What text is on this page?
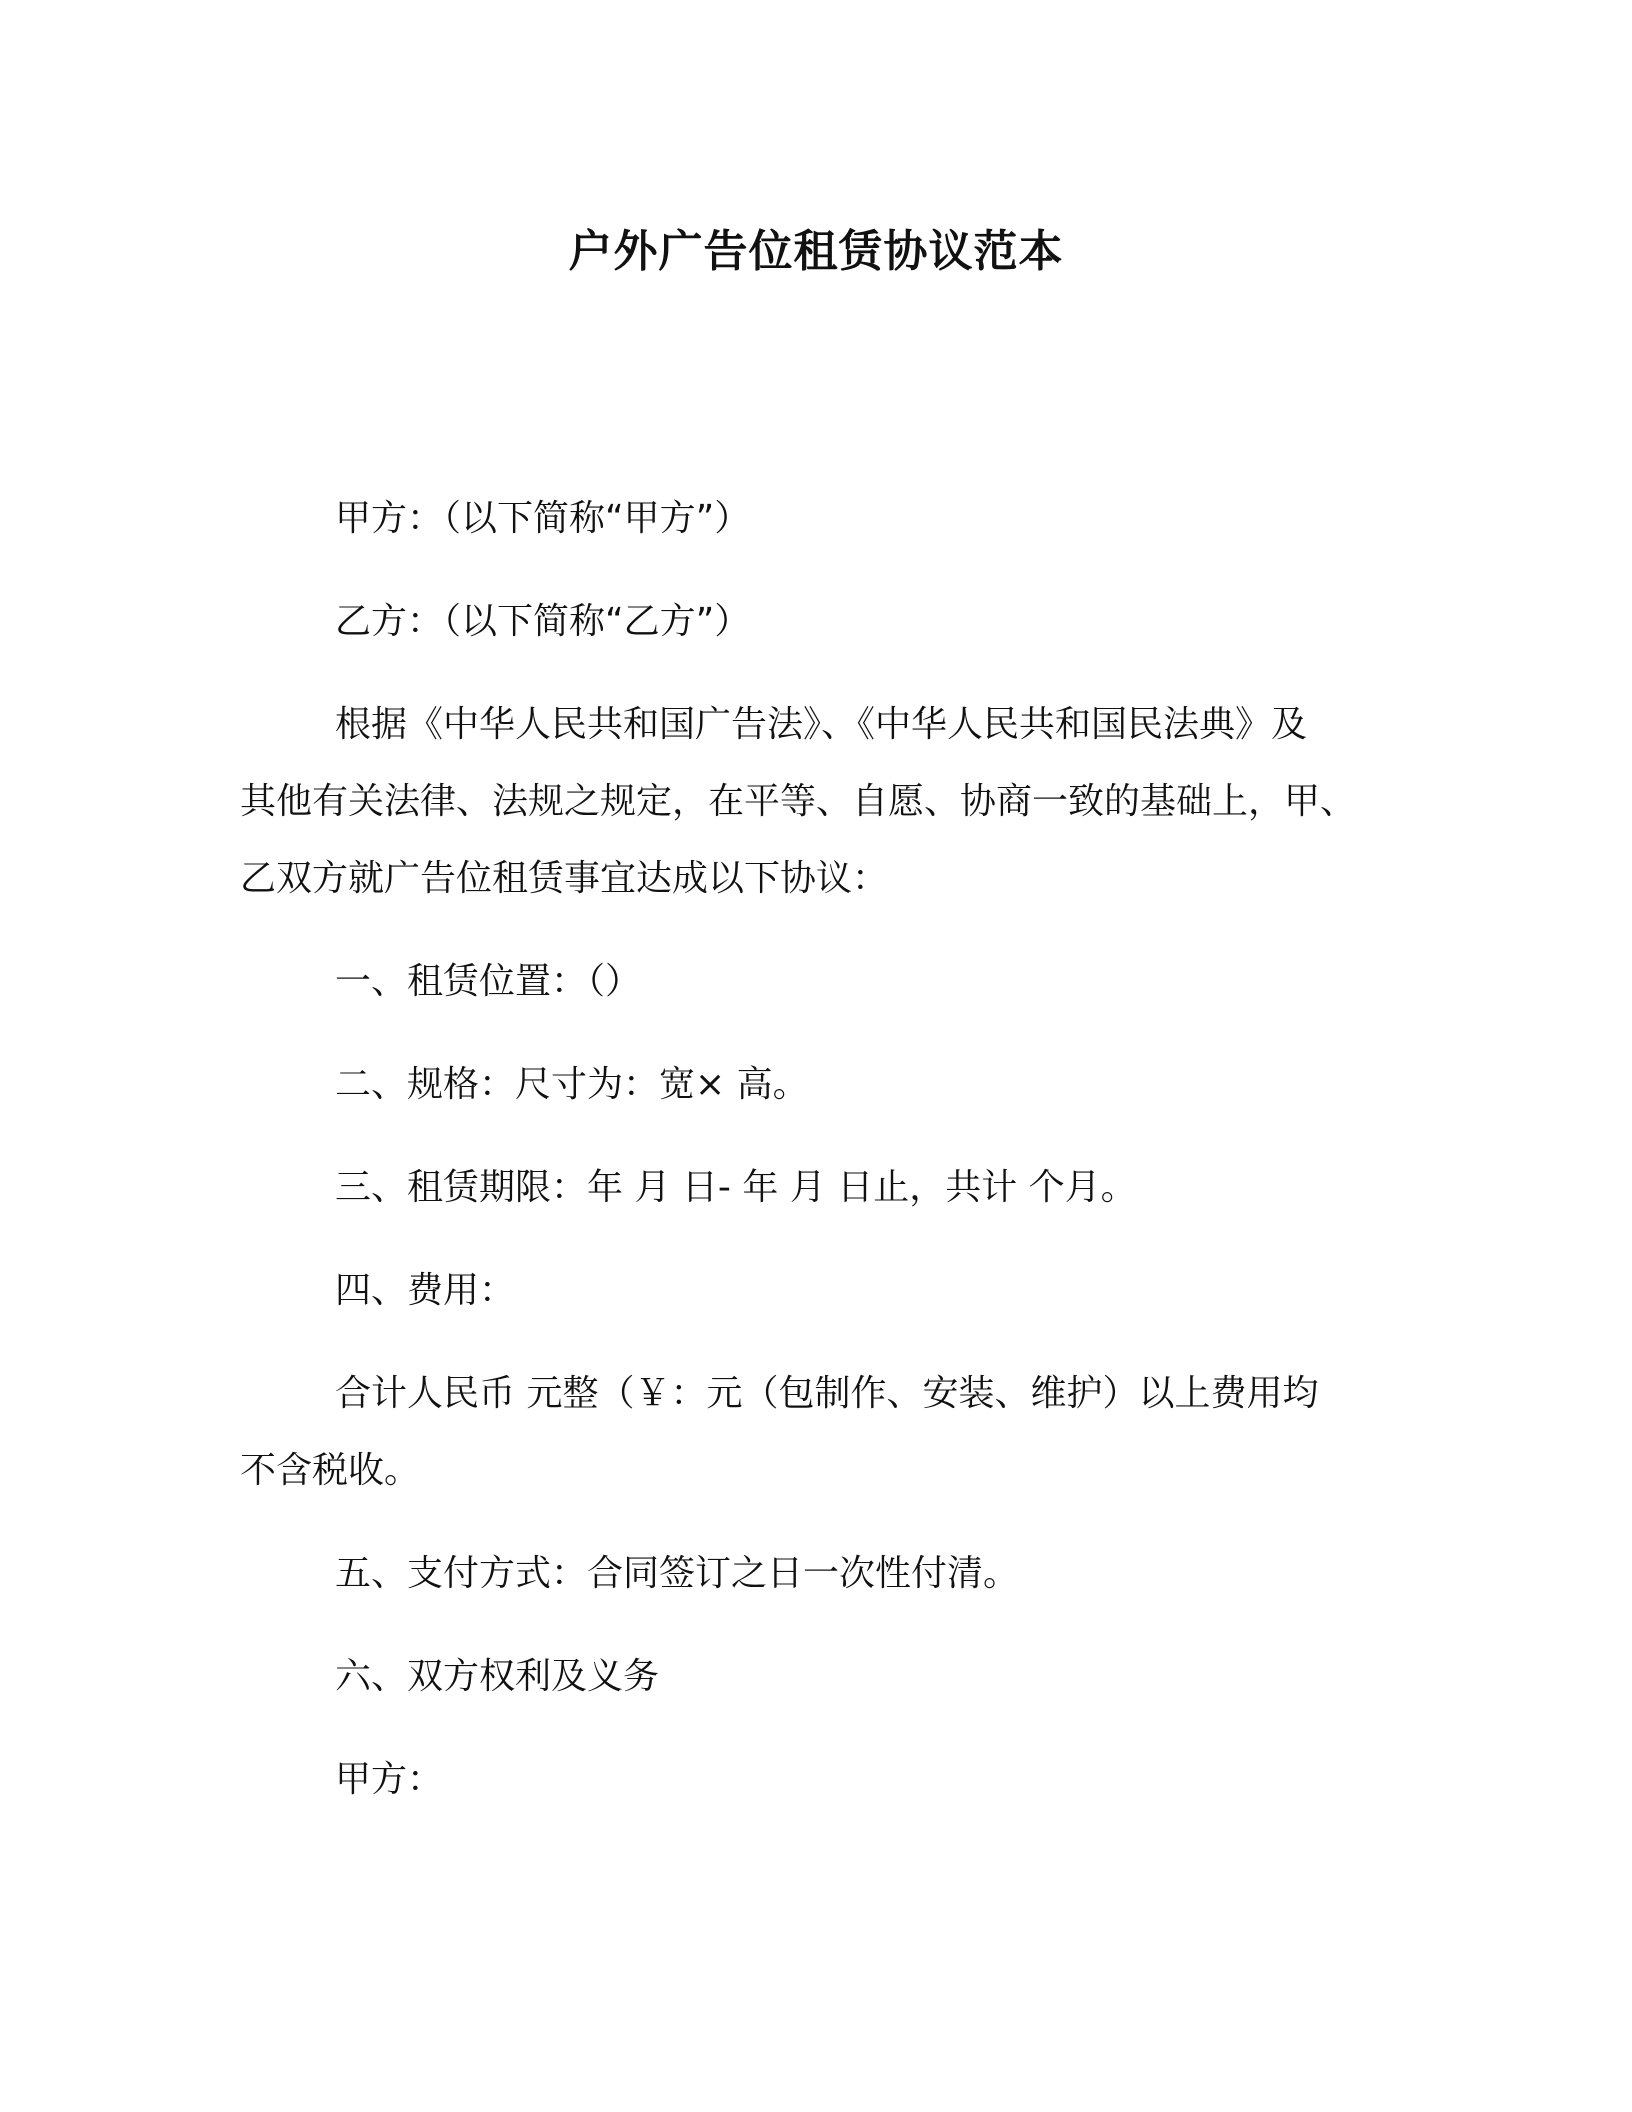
户外广告位租赁协议范本
甲方：（以下简称“甲方”）
乙方：（以下简称“乙方”）
根据《中华人民共和国广告法》、《中华人民共和国民法典》及
其他有关法律、法规之规定，在平等、自愿、协商一致的基础上，甲、
乙双方就广告位租赁事宜达成以下协议：
一、租赁位置：（）
二、规格：尺寸为：宽× 高。
三、租赁期限：年 月 日- 年 月 日止，共计 个月。
四、费用：
合计人民币 元整（￥：元（包制作、安装、维护）以上费用均
不含税收。
五、支付方式：合同签订之日一次性付清。
六、双方权利及义务
甲方：
